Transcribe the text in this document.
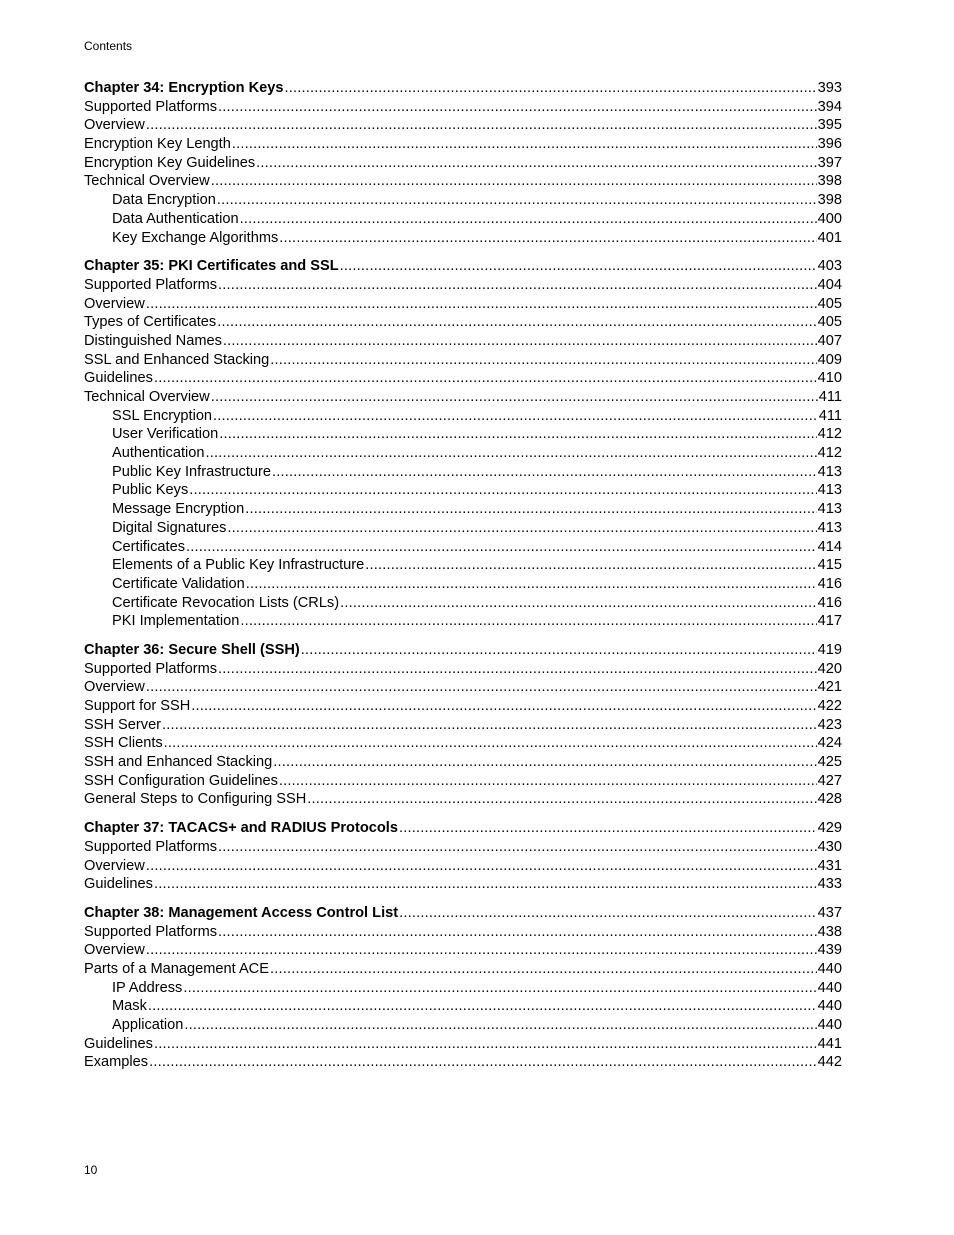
Contents
Chapter 34: Encryption Keys .....	393
Supported Platforms .....	394
Overview .....	395
Encryption Key Length .....	396
Encryption Key Guidelines .....	397
Technical Overview .....	398
Data Encryption .....	398
Data Authentication .....	400
Key Exchange Algorithms .....	401
Chapter 35: PKI Certificates and SSL .....	403
Supported Platforms .....	404
Overview .....	405
Types of Certificates .....	405
Distinguished Names .....	407
SSL and Enhanced Stacking .....	409
Guidelines .....	410
Technical Overview .....	411
SSL Encryption .....	411
User Verification .....	412
Authentication .....	412
Public Key Infrastructure .....	413
Public Keys .....	413
Message Encryption .....	413
Digital Signatures .....	413
Certificates .....	414
Elements of a Public Key Infrastructure .....	415
Certificate Validation .....	416
Certificate Revocation Lists (CRLs) .....	416
PKI Implementation .....	417
Chapter 36: Secure Shell (SSH) .....	419
Supported Platforms .....	420
Overview .....	421
Support for SSH .....	422
SSH Server .....	423
SSH Clients .....	424
SSH and Enhanced Stacking .....	425
SSH Configuration Guidelines .....	427
General Steps to Configuring SSH .....	428
Chapter 37: TACACS+ and RADIUS Protocols .....	429
Supported Platforms .....	430
Overview .....	431
Guidelines .....	433
Chapter 38: Management Access Control List .....	437
Supported Platforms .....	438
Overview .....	439
Parts of a Management ACE .....	440
IP Address .....	440
Mask .....	440
Application .....	440
Guidelines .....	441
Examples .....	442
10
